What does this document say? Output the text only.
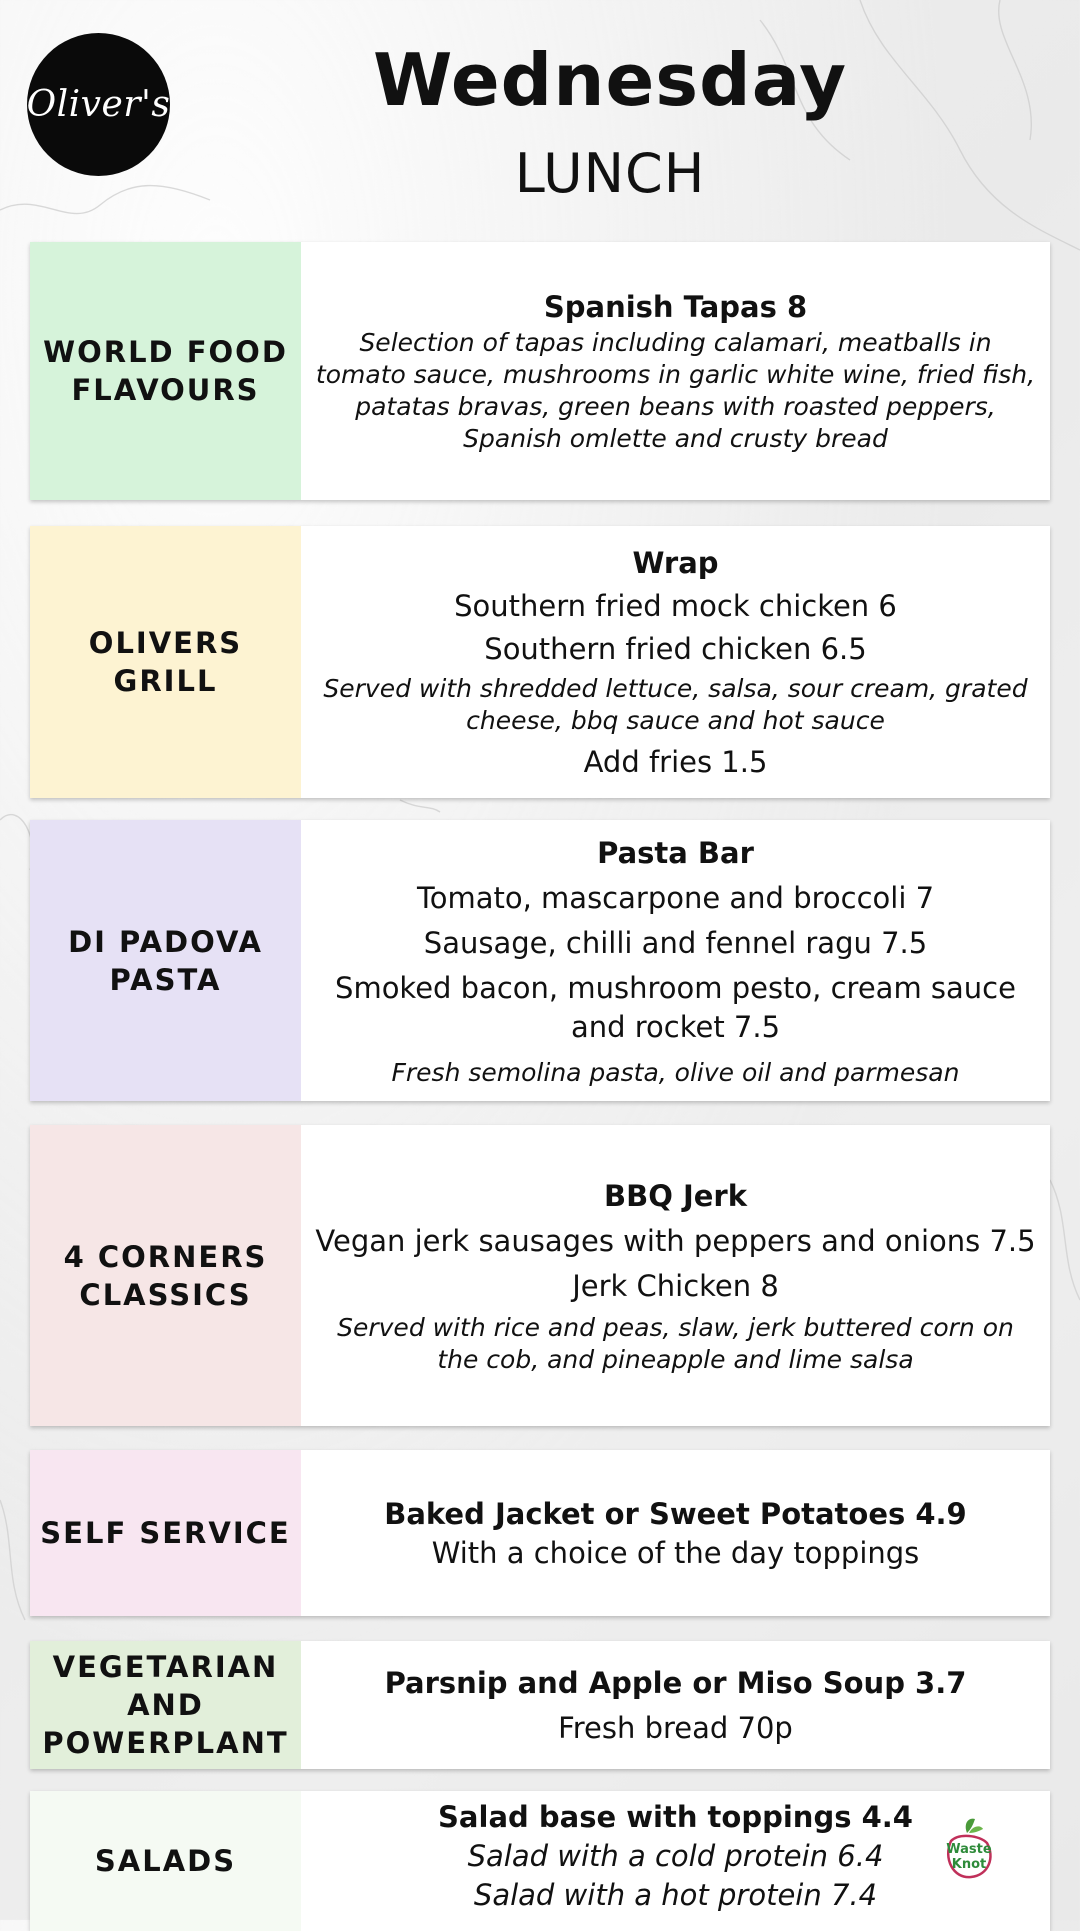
Oliver's	Wednesday
LUNCH
WORLD FOOD FLAVOURS
Spanish Tapas 8
Selection of tapas including calamari, meatballs in tomato sauce, mushrooms in garlic white wine, fried fish, patatas bravas, green beans with roasted peppers, Spanish omlette and crusty bread
OLIVERS GRILL
Wrap
Southern fried mock chicken 6
Southern fried chicken 6.5
Served with shredded lettuce, salsa, sour cream, grated cheese, bbq sauce and hot sauce
Add fries 1.5
DI PADOVA PASTA
Pasta Bar
Tomato, mascarpone and broccoli 7
Sausage, chilli and fennel ragu 7.5
Smoked bacon, mushroom pesto, cream sauce and rocket 7.5
Fresh semolina pasta, olive oil and parmesan
4 CORNERS CLASSICS
BBQ Jerk
Vegan jerk sausages with peppers and onions 7.5
Jerk Chicken 8
Served with rice and peas, slaw, jerk buttered corn on the cob, and pineapple and lime salsa
SELF SERVICE
Baked Jacket or Sweet Potatoes 4.9
With a choice of the day toppings
VEGETARIAN AND POWERPLANT
Parsnip and Apple or Miso Soup 3.7
Fresh bread 70p
SALADS
Salad base with toppings 4.4
Salad with a cold protein 6.4
Salad with a hot protein 7.4
Waste
Knot
